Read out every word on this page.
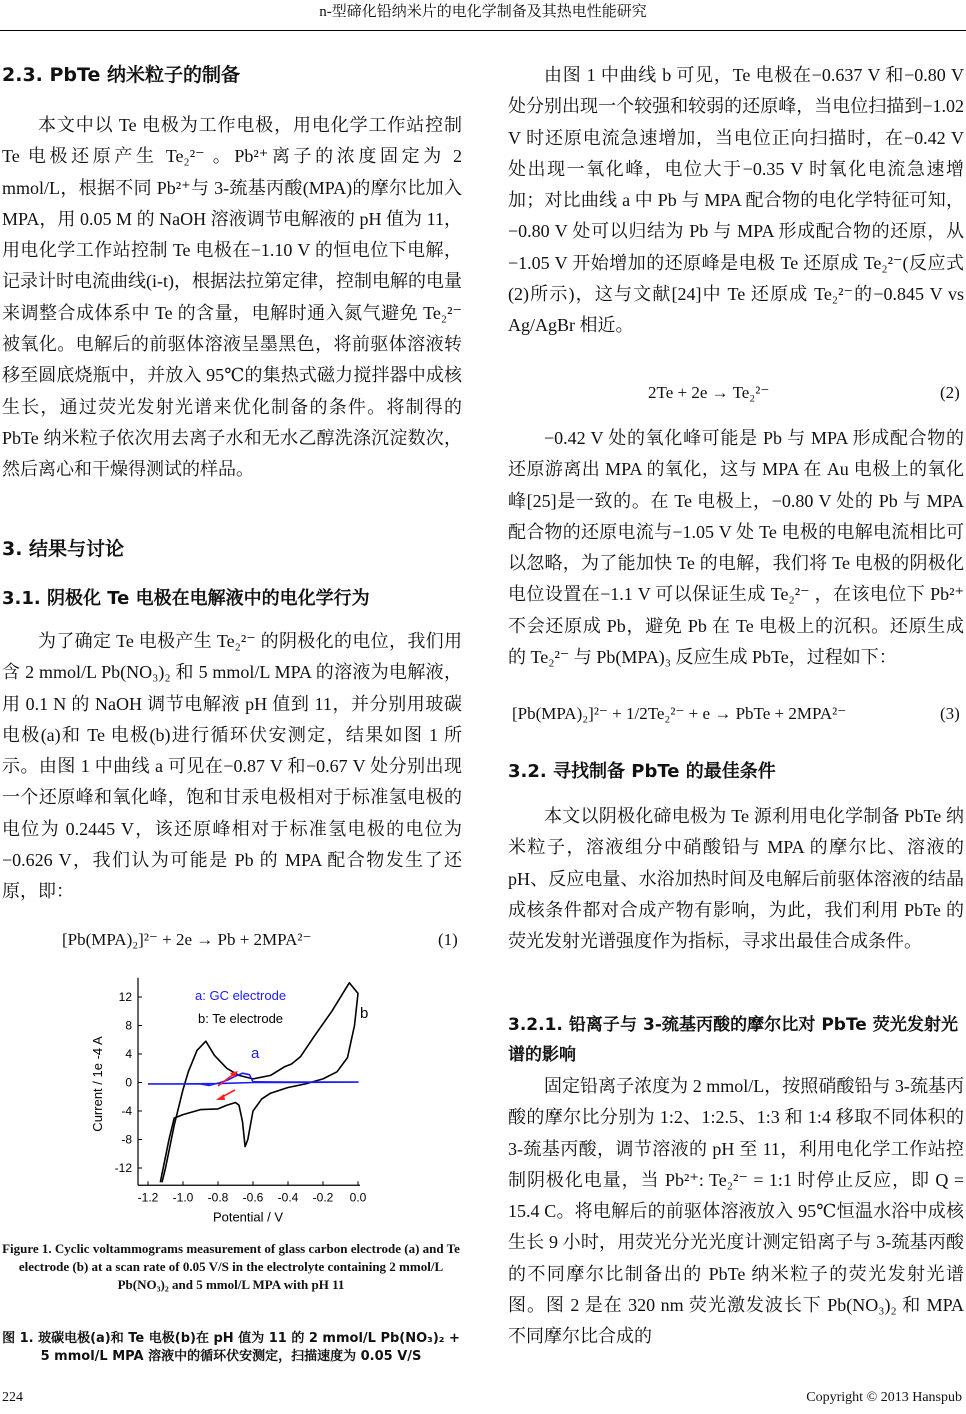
n-型碲化铅纳米片的电化学制备及其热电性能研究
2.3. PbTe 纳米粒子的制备

本文中以 Te 电极为工作电极，用电化学工作站控制 Te 电极还原产生 Te₂²⁻ 。Pb²⁺离子的浓度固定为 2 mmol/L，根据不同 Pb²⁺与 3-巯基丙酸(MPA)的摩尔比加入 MPA，用 0.05 M 的 NaOH 溶液调节电解液的 pH 值为 11，用电化学工作站控制 Te 电极在−1.10 V 的恒电位下电解，记录计时电流曲线(i-t)，根据法拉第定律，控制电解的电量来调整合成体系中 Te 的含量，电解时通入氮气避免 Te₂²⁻ 被氧化。电解后的前驱体溶液呈墨黑色，将前驱体溶液转移至圆底烧瓶中，并放入 95℃的集热式磁力搅拌器中成核生长，通过荧光发射光谱来优化制备的条件。将制得的 PbTe 纳米粒子依次用去离子水和无水乙醇洗涤沉淀数次，然后离心和干燥得测试的样品。

3. 结果与讨论
3.1. 阴极化 Te 电极在电解液中的电化学行为

为了确定 Te 电极产生 Te₂²⁻ 的阴极化的电位，我们用含 2 mmol/L Pb(NO₃)₂ 和 5 mmol/L MPA 的溶液为电解液，用 0.1 N 的 NaOH 调节电解液 pH 值到 11，并分别用玻碳电极(a)和 Te 电极(b)进行循环伏安测定，结果如图 1 所示。由图 1 中曲线 a 可见在−0.87 V 和−0.67 V 处分别出现一个还原峰和氧化峰，饱和甘汞电极相对于标准氢电极的电位为 0.2445 V，该还原峰相对于标准氢电极的电位为−0.626 V，我们认为可能是 Pb 的 MPA 配合物发生了还原，即：

[Pb(MPA)₂]²⁻ + 2e → Pb + 2MPA²⁻	(1)
-1.2 -1.0 -0.8 -0.6 -0.4 -0.2 0.0
12
8
4
0
-4
-8
-12
Potential / V
Current / 1e -4 A
a: GC electrode
b: Te electrode
a
b
Figure 1. Cyclic voltammograms measurement of glass carbon electrode (a) and Te electrode (b) at a scan rate of 0.05 V/S in the electrolyte containing 2 mmol/L Pb(NO₃)₂ and 5 mmol/L MPA with pH 11
图 1. 玻碳电极(a)和 Te 电极(b)在 pH 值为 11 的 2 mmol/L Pb(NO₃)₂ + 5 mmol/L MPA 溶液中的循环伏安测定，扫描速度为 0.05 V/S

由图 1 中曲线 b 可见，Te 电极在−0.637 V 和−0.80 V 处分别出现一个较强和较弱的还原峰，当电位扫描到−1.02 V 时还原电流急速增加，当电位正向扫描时，在−0.42 V 处出现一氧化峰，电位大于−0.35 V 时氧化电流急速增加；对比曲线 a 中 Pb 与 MPA 配合物的电化学特征可知，−0.80 V 处可以归结为 Pb 与 MPA 形成配合物的还原，从−1.05 V 开始增加的还原峰是电极 Te 还原成 Te₂²⁻(反应式(2)所示)，这与文献[24]中 Te 还原成 Te₂²⁻的−0.845 V vs Ag/AgBr 相近。

2Te + 2e → Te₂²⁻	(2)

−0.42 V 处的氧化峰可能是 Pb 与 MPA 形成配合物的还原游离出 MPA 的氧化，这与 MPA 在 Au 电极上的氧化峰[25]是一致的。在 Te 电极上，−0.80 V 处的 Pb 与 MPA 配合物的还原电流与−1.05 V 处 Te 电极的电解电流相比可以忽略，为了能加快 Te 的电解，我们将 Te 电极的阴极化电位设置在−1.1 V 可以保证生成 Te₂²⁻ ，在该电位下 Pb²⁺不会还原成 Pb，避免 Pb 在 Te 电极上的沉积。还原生成的 Te₂²⁻ 与 Pb(MPA)₃ 反应生成 PbTe，过程如下：

[Pb(MPA)₂]²⁻ + 1/2Te₂²⁻ + e → PbTe + 2MPA²⁻	(3)
3.2. 寻找制备 PbTe 的最佳条件

本文以阴极化碲电极为 Te 源利用电化学制备 PbTe 纳米粒子，溶液组分中硝酸铅与 MPA 的摩尔比、溶液的 pH、反应电量、水浴加热时间及电解后前驱体溶液的结晶成核条件都对合成产物有影响，为此，我们利用 PbTe 的荧光发射光谱强度作为指标，寻求出最佳合成条件。

3.2.1. 铅离子与 3-巯基丙酸的摩尔比对 PbTe 荧光发射光谱的影响

固定铅离子浓度为 2 mmol/L，按照硝酸铅与 3-巯基丙酸的摩尔比分别为 1:2、1:2.5、1:3 和 1:4 移取不同体积的 3-巯基丙酸，调节溶液的 pH 至 11，利用电化学工作站控制阴极化电量，当 Pb²⁺: Te₂²⁻ = 1:1 时停止反应，即 Q = 15.4 C。将电解后的前驱体溶液放入 95℃恒温水浴中成核生长 9 小时，用荧光分光光度计测定铅离子与 3-巯基丙酸的不同摩尔比制备出的 PbTe 纳米粒子的荧光发射光谱图。图 2 是在 320 nm 荧光激发波长下 Pb(NO₃)₂ 和 MPA 不同摩尔比合成的

224	Copyright © 2013 Hanspub
